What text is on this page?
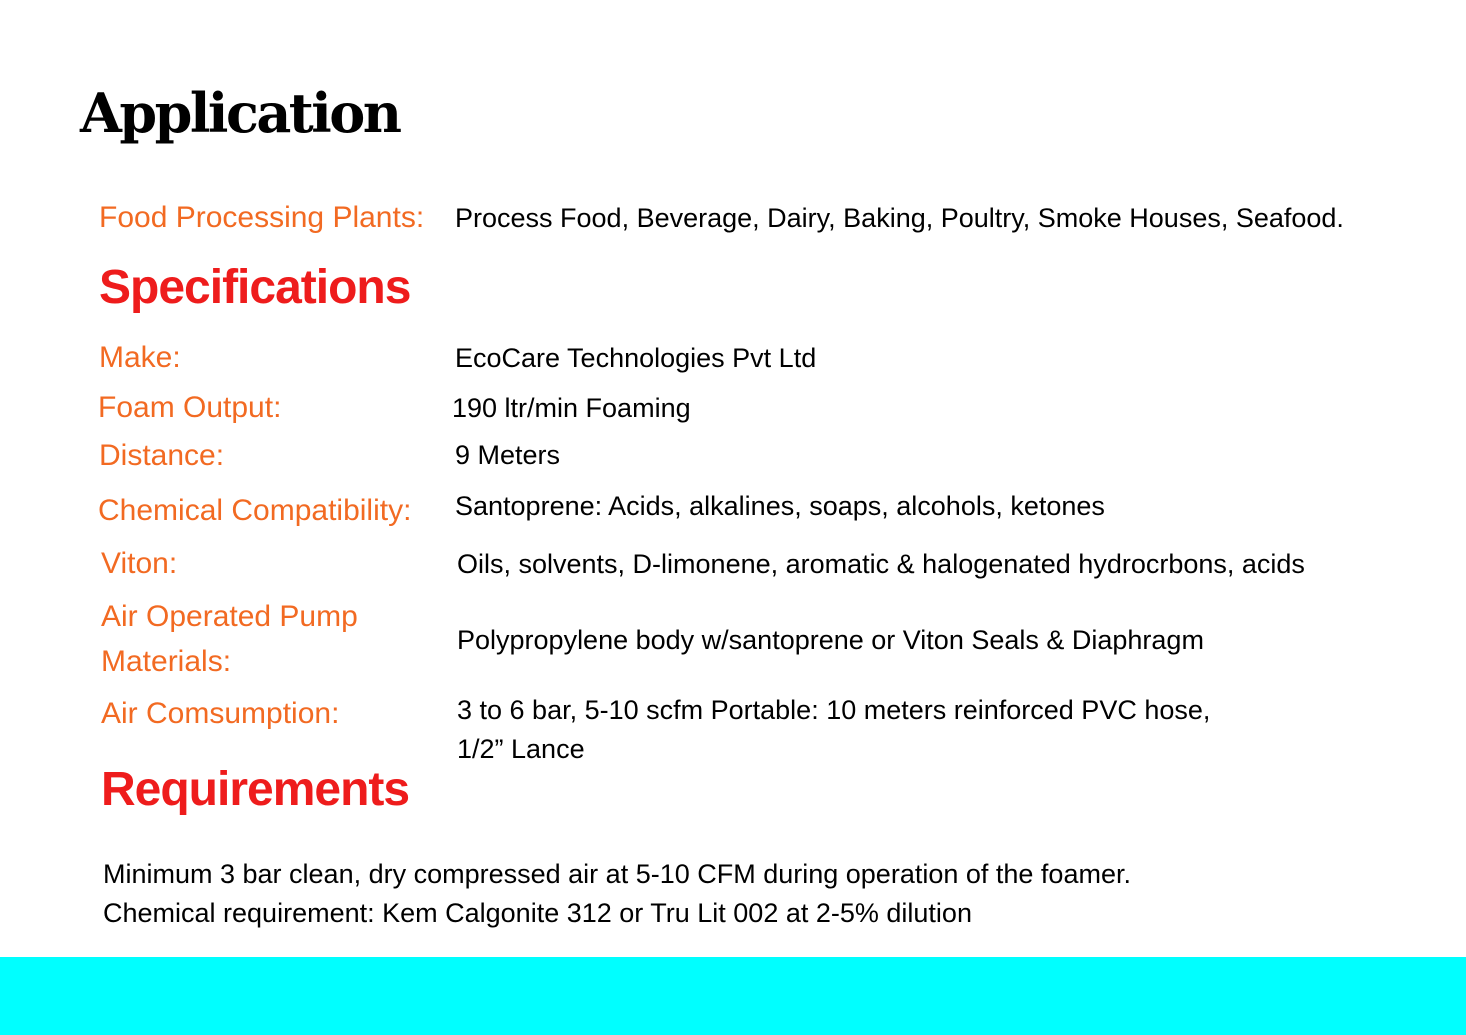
Application
Food Processing Plants: Process Food, Beverage, Dairy, Baking, Poultry, Smoke Houses, Seafood.
Specifications
Make:	EcoCare Technologies Pvt Ltd
Foam Output:	190 ltr/min Foaming
Distance:	9 Meters
Chemical Compatibility: Santoprene: Acids, alkalines, soaps, alcohols, ketones
Viton:	Oils, solvents, D-limonene, aromatic & halogenated hydrocrbons, acids
Air Operated Pump
Materials:
Polypropylene body w/santoprene or Viton Seals & Diaphragm
Air Comsumption:	3 to 6 bar, 5-10 scfm Portable: 10 meters reinforced PVC hose,
1/2” Lance
Requirements
Minimum 3 bar clean, dry compressed air at 5-10 CFM during operation of the foamer.
Chemical requirement: Kem Calgonite 312 or Tru Lit 002 at 2-5% dilution
